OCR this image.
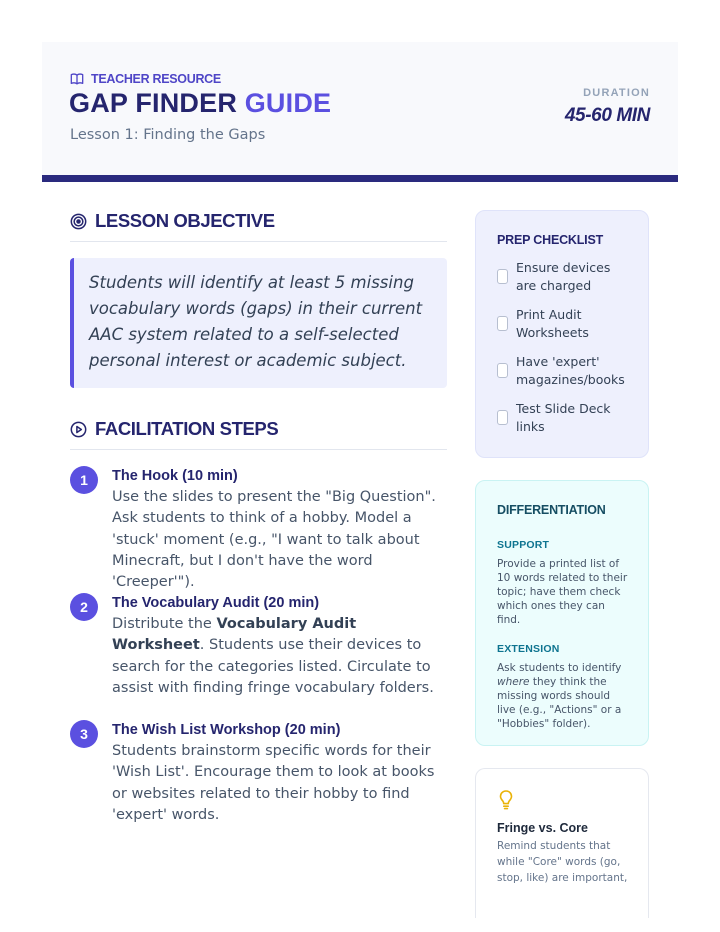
TEACHER RESOURCE
GAP FINDER GUIDE
Lesson 1: Finding the Gaps
DURATION
45-60 MIN
LESSON OBJECTIVE

Students will identify at least 5 missing vocabulary words (gaps) in their current AAC system related to a self-selected personal interest or academic subject.

FACILITATION STEPS
1	The Hook (10 min)
Use the slides to present the "Big Question". Ask students to think of a hobby. Model a 'stuck' moment (e.g., "I want to talk about Minecraft, but I don't have the word 'Creeper'").
2	The Vocabulary Audit (20 min)
Distribute the Vocabulary Audit Worksheet. Students use their devices to search for the categories listed. Circulate to assist with finding fringe vocabulary folders.
3	The Wish List Workshop (20 min)
Students brainstorm specific words for their 'Wish List'. Encourage them to look at books or websites related to their hobby to find 'expert' words.
PREP CHECKLIST
Ensure devices are charged
Print Audit Worksheets
Have 'expert' magazines/books
Test Slide Deck links
DIFFERENTIATION
SUPPORT
Provide a printed list of 10 words related to their topic; have them check which ones they can find.
EXTENSION
Ask students to identify where they think the missing words should live (e.g., "Actions" or a "Hobbies" folder).
Fringe vs. Core
Remind students that while "Core" words (go, stop, like) are important,
